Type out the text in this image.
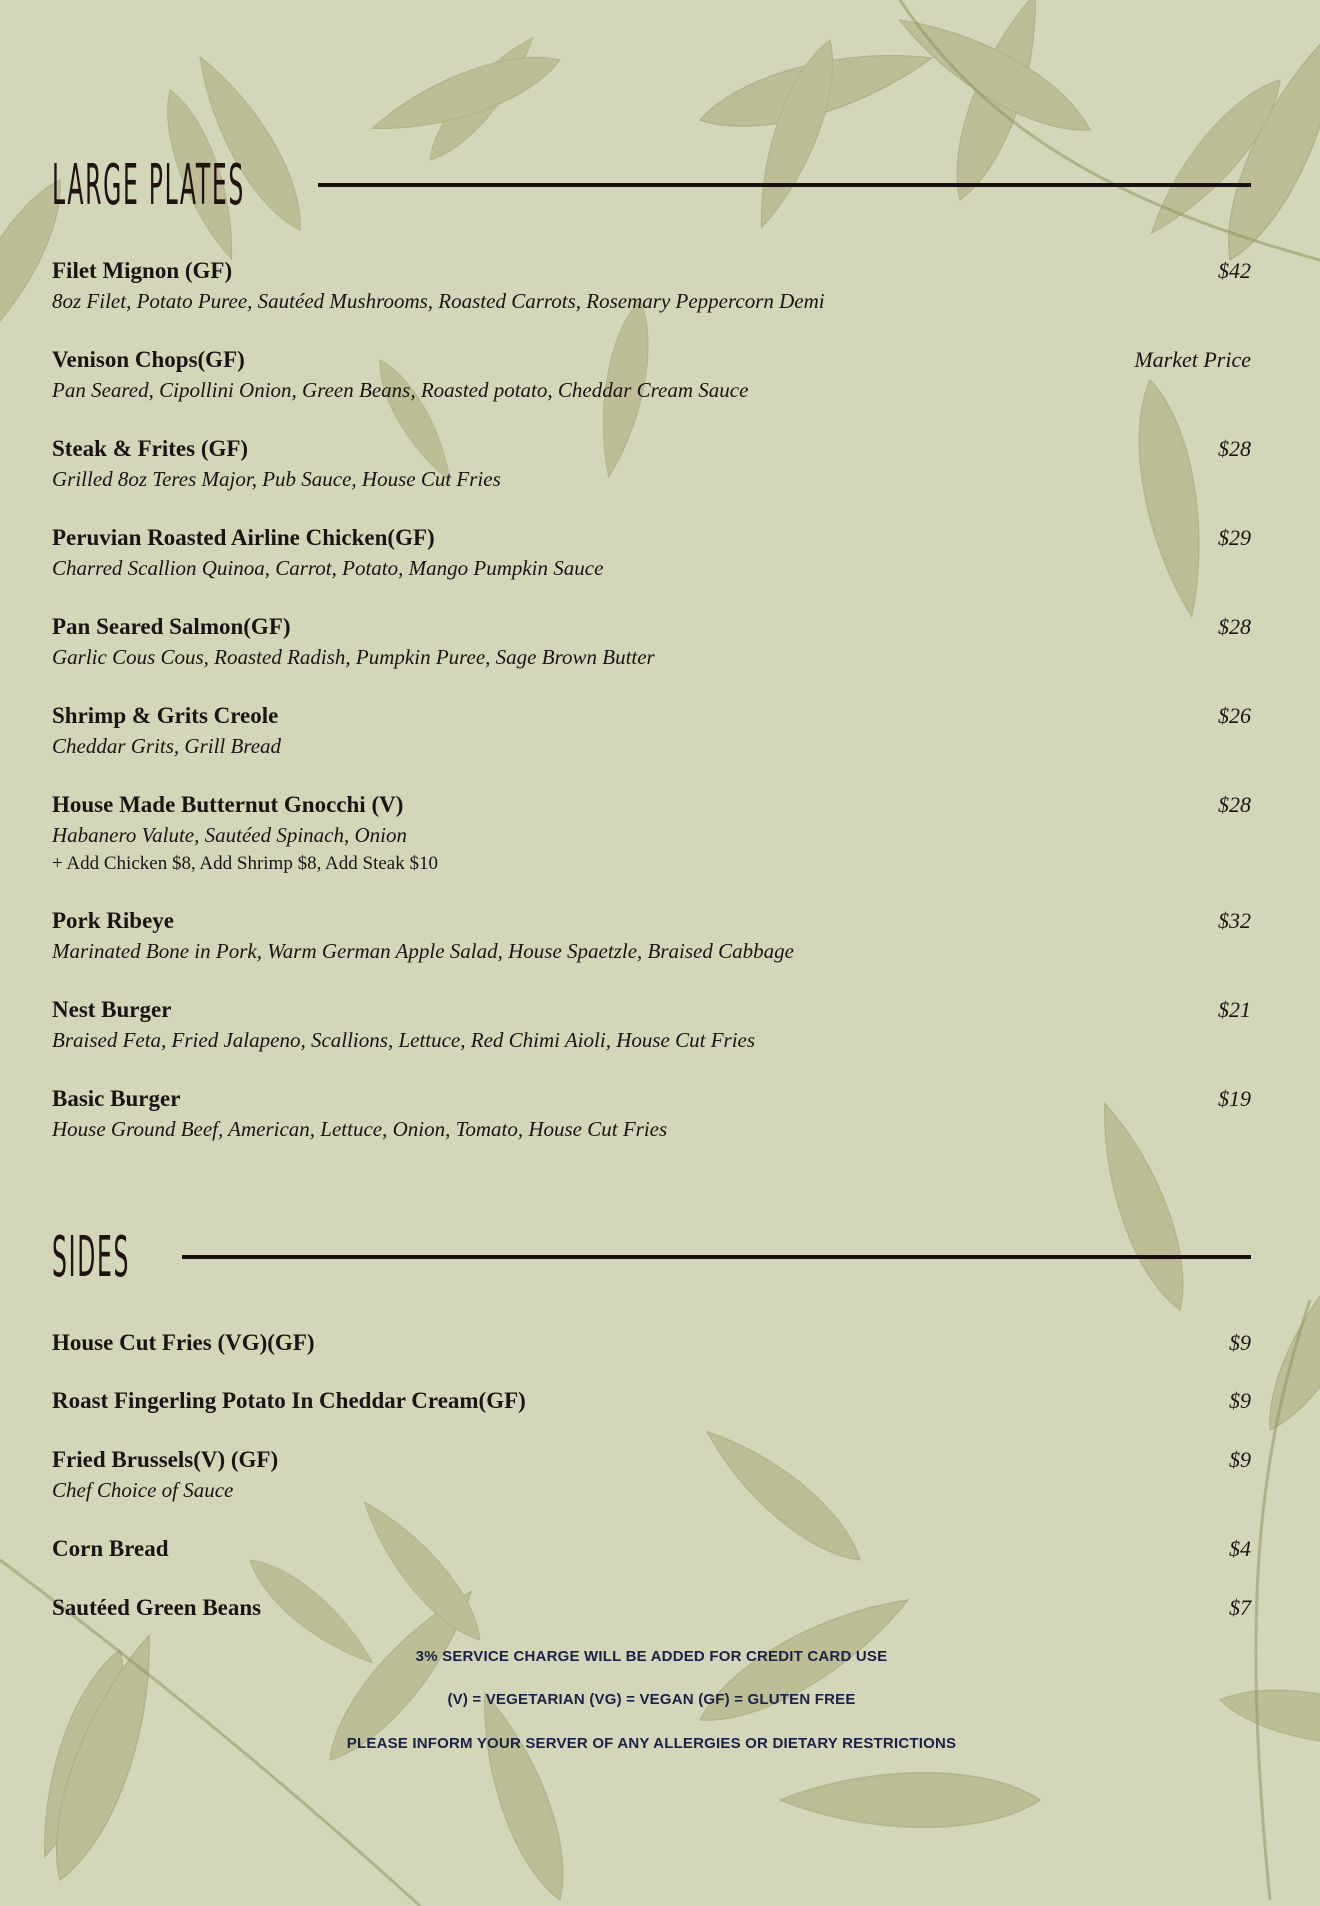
LARGE PLATES
Filet Mignon (GF)	$42
8oz Filet, Potato Puree, Sautéed Mushrooms, Roasted Carrots, Rosemary Peppercorn Demi
Venison Chops(GF)	Market Price
Pan Seared, Cipollini Onion, Green Beans, Roasted potato, Cheddar Cream Sauce
Steak & Frites (GF)	$28
Grilled 8oz Teres Major, Pub Sauce, House Cut Fries
Peruvian Roasted Airline Chicken(GF)	$29
Charred Scallion Quinoa, Carrot, Potato, Mango Pumpkin Sauce
Pan Seared Salmon(GF)	$28
Garlic Cous Cous, Roasted Radish, Pumpkin Puree, Sage Brown Butter
Shrimp & Grits Creole	$26
Cheddar Grits, Grill Bread
House Made Butternut Gnocchi (V)	$28
Habanero Valute, Sautéed Spinach, Onion
+ Add Chicken $8, Add Shrimp $8, Add Steak $10
Pork Ribeye	$32
Marinated Bone in Pork, Warm German Apple Salad, House Spaetzle, Braised Cabbage
Nest Burger	$21
Braised Feta, Fried Jalapeno, Scallions, Lettuce, Red Chimi Aioli, House Cut Fries
Basic Burger	$19
House Ground Beef, American, Lettuce, Onion, Tomato, House Cut Fries
SIDES
House Cut Fries (VG)(GF)	$9
Roast Fingerling Potato In Cheddar Cream(GF)	$9
Fried Brussels(V) (GF)	$9
Chef Choice of Sauce
Corn Bread	$4
Sautéed Green Beans	$7
3% SERVICE CHARGE WILL BE ADDED FOR CREDIT CARD USE
(V) = VEGETARIAN (VG) = VEGAN (GF) = GLUTEN FREE
PLEASE INFORM YOUR SERVER OF ANY ALLERGIES OR DIETARY RESTRICTIONS
